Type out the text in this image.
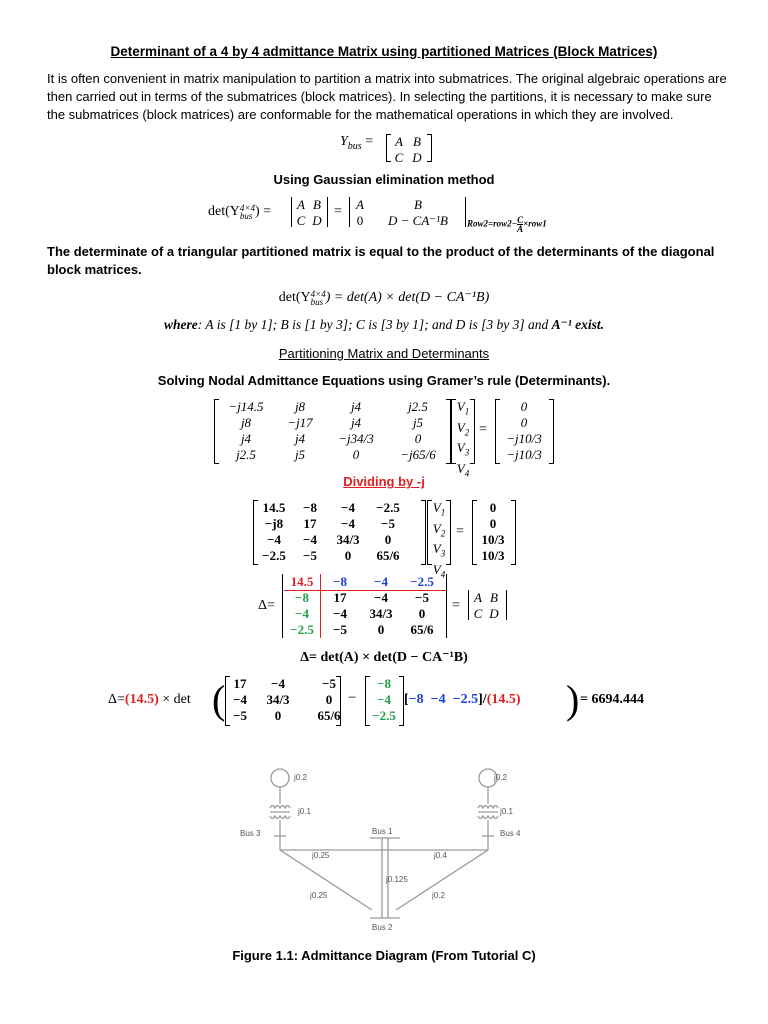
Determinant of a 4 by 4 admittance Matrix using partitioned Matrices (Block Matrices)
It is often convenient in matrix manipulation to partition a matrix into submatrices. The original algebraic operations are then carried out in terms of the submatrices (block matrices). In selecting the partitions, it is necessary to make sure the submatrices (block matrices) are conformable for the mathematical operations in which they are involved.
$Y_{bus}$ =	A B
C D
Using Gaussian elimination method
det(Y 4×4
bus ) =	A B
C D
=	A	B
0	D − CA⁻¹B	$Row2=row2- \frac{C}{A} \times row1$
The determinate of a triangular partitioned matrix is equal to the product of the determinants of the diagonal block matrices.
det(Y 4×4
bus ) = det(A) × det(D − CA⁻¹B)
where: A is [1 by 1]; B is [1 by 3]; C is [3 by 1]; and D is [3 by 3] and A⁻¹ exist.
Partitioning Matrix and Determinants
Solving Nodal Admittance Equations using Gramer’s rule (Determinants).
−j14.5	j8	j4	j2.5
j8	−j17	j4	j5
j4	j4	−j34/3	0
j2.5	j5	0	−j65/6
$V_1$
$V_2$
$V_3$
$V_4$
=
0
0
−j10/3
−j10/3
Dividing by -j
14.5	−8	−4	−2.5
−j8	17	−4	−5
−4	−4	34/3	0
−2.5	−5	0	65/6
$V_1$
$V_2$
$V_3$
$V_4$
=
0
0
10/3
10/3
Δ=
14.5	−8	−4	−2.5
−8	17	−4	−5
−4	−4	34/3	0
−2.5	−5	0	65/6
=
A B
C D
Δ= det(A) × det(D − CA⁻¹B)
Δ=(14.5) × det ( 17	−4	−5
−4	34/3	0
−5	0	65/6
−
−8
−4
−2.5
[−8 −4 −2.5]/(14.5) ) = 6694.444
j0.2	j0.2
j0.1	j0.1
Bus 3	Bus 1	Bus 4
Bus 2
j0.25	j0.4
j0.125
j0.25	j0.2
Figure 1.1: Admittance Diagram (From Tutorial C)
